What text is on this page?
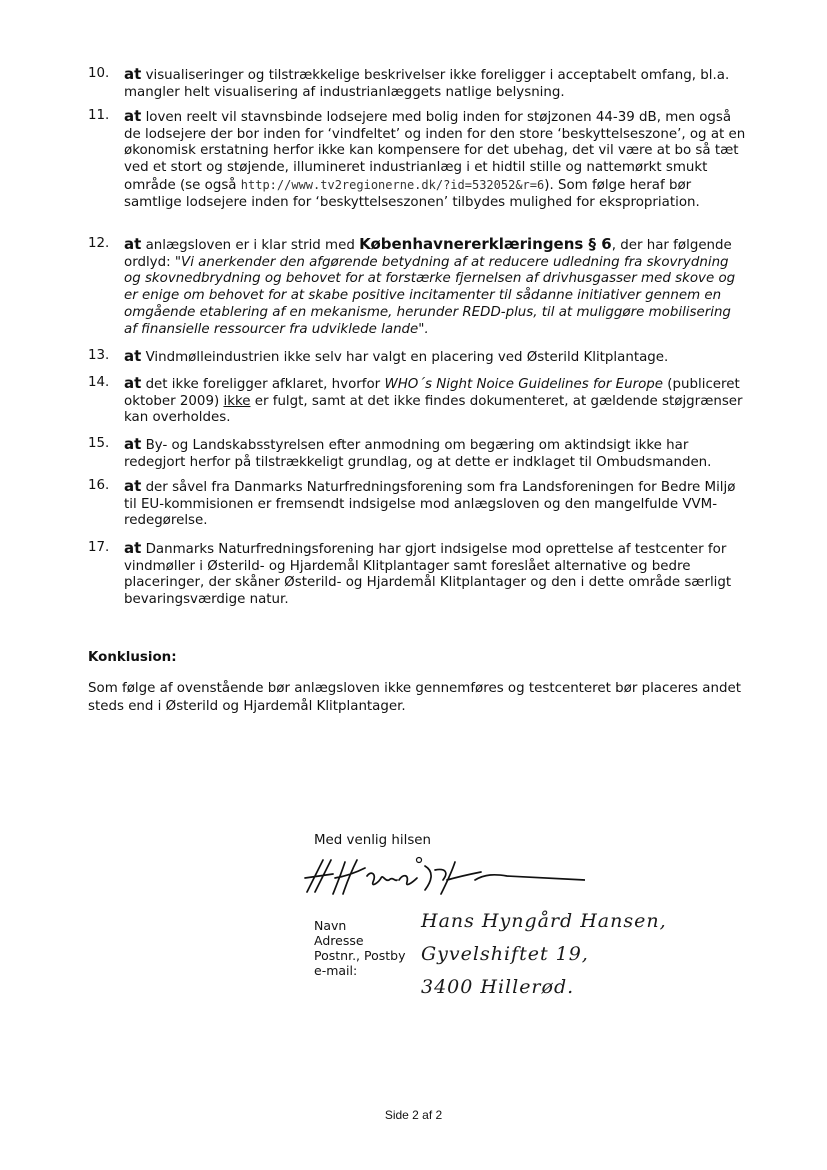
10. at visualiseringer og tilstrækkelige beskrivelser ikke foreligger i acceptabelt omfang, bl.a. mangler helt visualisering af industrianlæggets natlige belysning.
11. at loven reelt vil stavnsbinde lodsejere med bolig inden for støjzonen 44-39 dB, men også de lodsejere der bor inden for ‘vindfeltet’ og inden for den store ‘beskyttelseszone’, og at en økonomisk erstatning herfor ikke kan kompensere for det ubehag, det vil være at bo så tæt ved et stort og støjende, illumineret industrianlæg i et hidtil stille og nattemørkt smukt område (se også http://www.tv2regionerne.dk/?id=532052&r=6). Som følge heraf bør samtlige lodsejere inden for ‘beskyttelseszonen’ tilbydes mulighed for ekspropriation.
12. at anlægsloven er i klar strid med Københavnererklæringens § 6, der har følgende ordlyd: "Vi anerkender den afgørende betydning af at reducere udledning fra skovrydning og skovnedbrydning og behovet for at forstærke fjernelsen af drivhusgasser med skove og er enige om behovet for at skabe positive incitamenter til sådanne initiativer gennem en omgående etablering af en mekanisme, herunder REDD-plus, til at muliggøre mobilisering af finansielle ressourcer fra udviklede lande".
13. at Vindmølleindustrien ikke selv har valgt en placering ved Østerild Klitplantage.
14. at det ikke foreligger afklaret, hvorfor WHO´s Night Noice Guidelines for Europe (publiceret oktober 2009) ikke er fulgt, samt at det ikke findes dokumenteret, at gældende støjgrænser kan overholdes.
15. at By- og Landskabsstyrelsen efter anmodning om begæring om aktindsigt ikke har redegjort herfor på tilstrækkeligt grundlag, og at dette er indklaget til Ombudsmanden.
16. at der såvel fra Danmarks Naturfredningsforening som fra Landsforeningen for Bedre Miljø til EU-kommisionen er fremsendt indsigelse mod anlægsloven og den mangelfulde VVM-redegørelse.
17. at Danmarks Naturfredningsforening har gjort indsigelse mod oprettelse af testcenter for vindmøller i Østerild- og Hjardemål Klitplantager samt foreslået alternative og bedre placeringer, der skåner Østerild- og Hjardemål Klitplantager og den i dette område særligt bevaringsværdige natur.
Konklusion:
Som følge af ovenstående bør anlægsloven ikke gennemføres og testcenteret bør placeres andet steds end i Østerild og Hjardemål Klitplantager.
Med venlig hilsen
Navn
Adresse
Postnr., Postby
e-mail:
Hans Hyngård Hansen,
Gyvelshiftet 19,
3400 Hillerød.
Side 2 af 2
